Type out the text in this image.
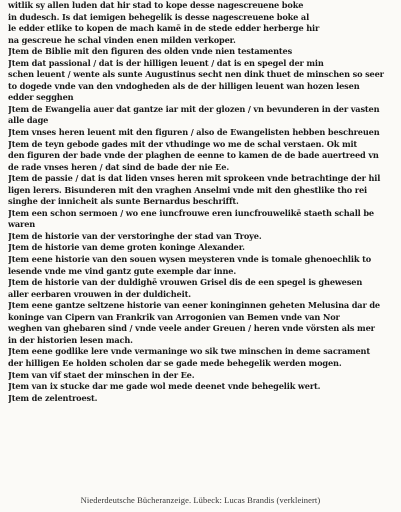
witlik sy allen luden dat hir stad to kope desse nagescreuene boke
in dudesch. Is dat iemigen behegelik is desse nagescreuene boke al
le edder etlike to kopen de mach kamē in de stede edder herberge hir
na gescreue he schal vinden enen milden verkoper.
Jtem de Biblie mit den figuren des olden vnde nien testamentes
Jtem dat passional / dat is der hilligen leuent / dat is en spegel der min
schen leuent / wente als sunte Augustinus secht nen dink thuet de minschen so seer
to dogede vnde van den vndogheden als de der hilligen leuent wan hozen lesen
edder segghen
Jtem de Ewangelia auer dat gantze iar mit der glozen / vn bevunderen in der vasten
alle dage
Jtem vnses heren leuent mit den figuren / also de Ewangelisten hebben beschreuen
Jtem de teyn gebode gades mit der vthudinge wo me de schal verstaen. Ok mit
den figuren der bade vnde der plaghen de eenne to kamen de de bade auertreed vn
de rade vnses heren / dat sind de bade der nie Ee.
Jtem de passie / dat is dat liden vnses heren mit sprokeen vnde betrachtinge der hil
ligen lerers. Bisunderen mit den vraghen Anselmi vnde mit den ghestlike tho rei
singhe der innicheit als sunte Bernardus beschrifft.
Jtem een schon sermoen / wo ene iuncfrouwe eren iuncfrouwelikē staeth schall be
waren
Jtem de historie van der verstoringhe der stad van Troye.
Jtem de historie van deme groten koninge Alexander.
Jtem eene historie van den souen wysen meysteren vnde is tomale ghenoechlik to
lesende vnde me vind gantz gute exemple dar inne.
Jtem de historie van der duldighē vrouwen Grisel dis de een spegel is ghewesen
aller eerbaren vrouwen in der duldicheit.
Jtem eene gantze seltzene historie van eener koninginnen geheten Melusina dar de
koninge van Cipern van Frankrik van Arrogonien van Bemen vnde van Nor
weghen van ghebaren sind / vnde veele ander Greuen / heren vnde vörsten als mer
in der historien lesen mach.
Jtem eene godlike lere vnde vermaninge wo sik twe minschen in deme sacrament
der hilligen Ee holden scholen dar se gade mede behegelik werden mogen.
Jtem van vif staet der minschen in der Ee.
Jtem van ix stucke dar me gade wol mede deenet vnde behegelik wert.
Jtem de zelentroest.
Niederdeutsche Bücheranzeige. Lübeck: Lucas Brandis (verkleinert)
